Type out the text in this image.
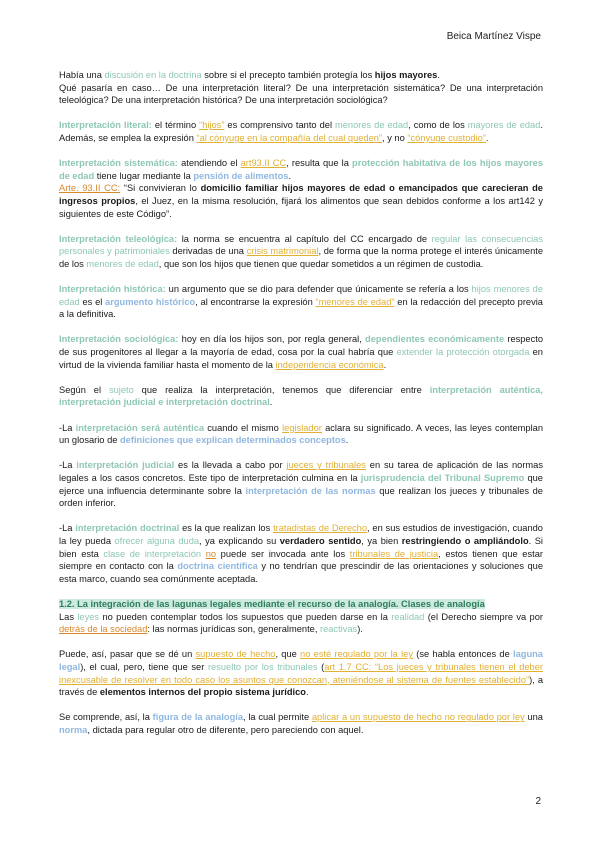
Beica Martínez Vispe

Había una discusión en la doctrina sobre si el precepto también protegía los hijos mayores.

Qué pasaría en caso… De una interpretación literal? De una interpretación sistemática? De una interpretación teleológica? De una interpretación histórica? De una interpretación sociológica?

Interpretación literal: el término “hijos” es comprensivo tanto del menores de edad, como de los mayores de edad. Además, se emplea la expresión “al cónyuge en la compañía del cual queden”, y no “cónyuge custodio”.

Interpretación sistemática: atendiendo el art93.II CC, resulta que la protección habitativa de los hijos mayores de edad tiene lugar mediante la pensión de alimentos.

Arte. 93.II CC: “Si convivieran lo domicilio familiar hijos mayores de edad o emancipados que carecieran de ingresos propios, el Juez, en la misma resolución, fijará los alimentos que sean debidos conforme a los art142 y siguientes de este Código”.

Interpretación teleológica: la norma se encuentra al capítulo del CC encargado de regular las consecuencias personales y patrimoniales derivadas de una crisis matrimonial, de forma que la norma protege el interés únicamente de los menores de edad, que son los hijos que tienen que quedar sometidos a un régimen de custodia.

Interpretación histórica: un argumento que se dio para defender que únicamente se refería a los hijos menores de edad es el argumento histórico, al encontrarse la expresión “menores de edad” en la redacción del precepto previa a la definitiva.

Interpretación sociológica: hoy en día los hijos son, por regla general, dependientes económicamente respecto de sus progenitores al llegar a la mayoría de edad, cosa por la cual habría que extender la protección otorgada en virtud de la vivienda familiar hasta el momento de la independencia económica.

Según el sujeto que realiza la interpretación, tenemos que diferenciar entre interpretación auténtica, interpretación judicial e interpretación doctrinal.

-La interpretación será auténtica cuando el mismo legislador aclara su significado. A veces, las leyes contemplan un glosario de definiciones que explican determinados conceptos.

-La interpretación judicial es la llevada a cabo por jueces y tribunales en su tarea de aplicación de las normas legales a los casos concretos. Este tipo de interpretación culmina en la jurisprudencia del Tribunal Supremo que ejerce una influencia determinante sobre la interpretación de las normas que realizan los jueces y tribunales de orden inferior.

-La interpretación doctrinal es la que realizan los tratadistas de Derecho, en sus estudios de investigación, cuando la ley pueda ofrecer alguna duda, ya explicando su verdadero sentido, ya bien restringiendo o ampliándolo. Si bien esta clase de interpretación no puede ser invocada ante los tribunales de justicia, estos tienen que estar siempre en contacto con la doctrina científica y no tendrían que prescindir de las orientaciones y soluciones que esta marco, cuando sea comúnmente aceptada.

1.2. La integración de las lagunas legales mediante el recurso de la analogía. Clases de analogía

Las leyes no pueden contemplar todos los supuestos que pueden darse en la realidad (el Derecho siempre va por detrás de la sociedad: las normas jurídicas son, generalmente, reactivas).

Puede, así, pasar que se dé un supuesto de hecho, que no esté regulado por la ley (se habla entonces de laguna legal), el cual, pero, tiene que ser resuelto por los tribunales (art 1.7 CC: “Los jueces y tribunales tienen el deber inexcusable de resolver en todo caso los asuntos que conozcan, ateniéndose al sistema de fuentes establecido”), a través de elementos internos del propio sistema jurídico.

Se comprende, así, la figura de la analogía, la cual permite aplicar a un supuesto de hecho no regulado por ley una norma, dictada para regular otro de diferente, pero pareciendo con aquel.

2
